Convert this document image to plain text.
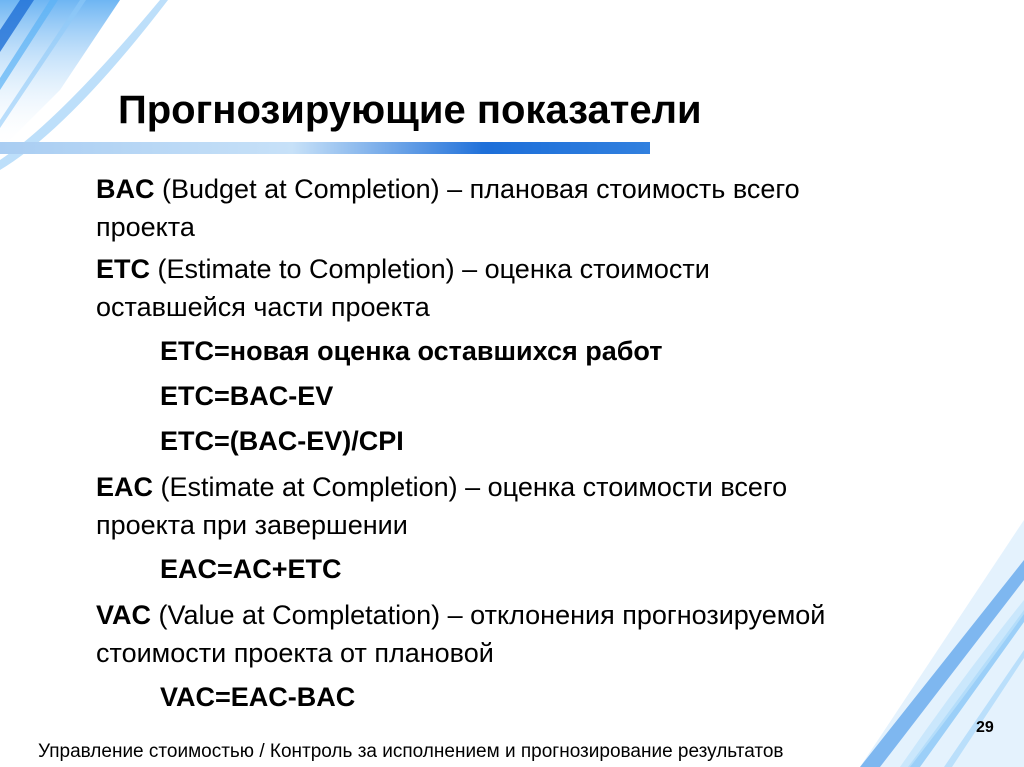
Прогнозирующие показатели

BAC (Budget at Completion) – плановая стоимость всего проекта

ETC (Estimate to Completion) – оценка стоимости оставшейся части проекта

ETC=новая оценка оставшихся работ

ETC=BAC-EV

ETC=(BAC-EV)/CPI

EAC (Estimate at Completion) – оценка стоимости всего проекта при завершении

EAC=AC+ETC

VAC (Value at Completation) – отклонения прогнозируемой стоимости проекта от плановой

VAC=EAC-BAC

29

Управление стоимостью / Контроль за исполнением и прогнозирование результатов
